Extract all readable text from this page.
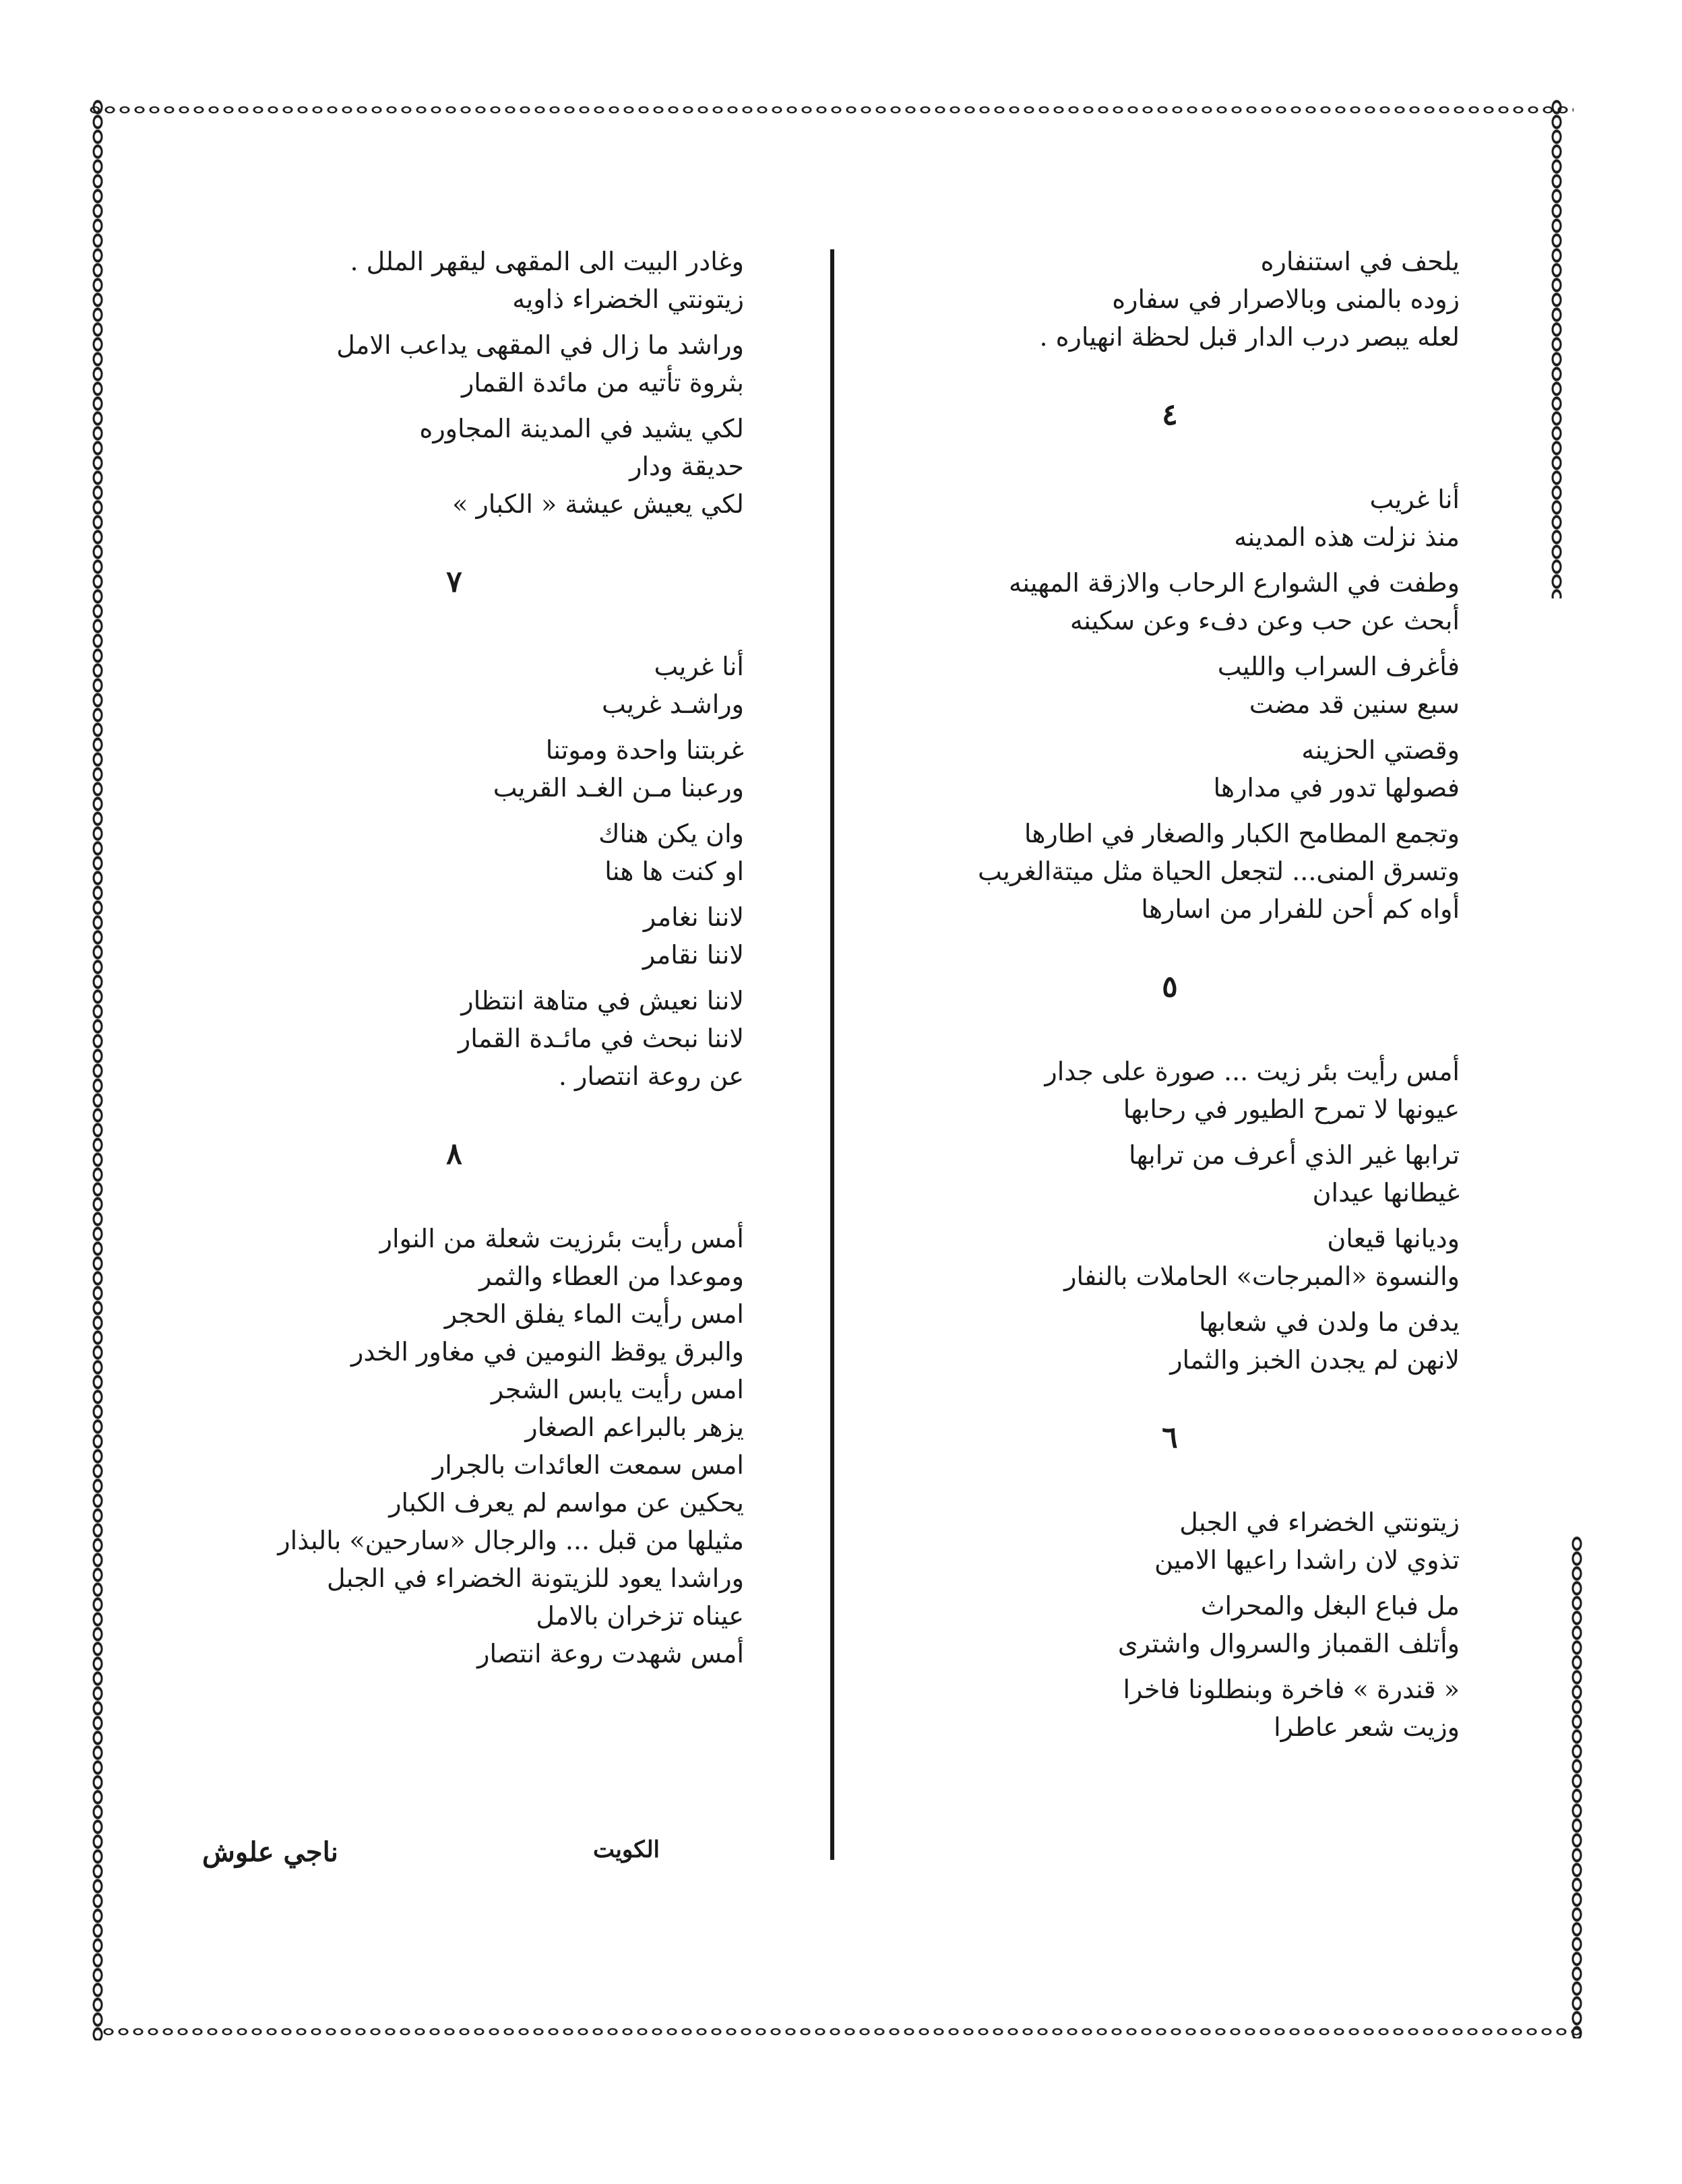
يلحف في استنفاره
زوده بالمنى وبالاصرار في سفاره
لعله يبصر درب الدار قبل لحظة انهياره .
٤
أنا غريب
منذ نزلت هذه المدينه
وطفت في الشوارع الرحاب والازقة المهينه
أبحث عن حب وعن دفء وعن سكينه
فأغرف السراب والليب
سبع سنين قد مضت
وقصتي الحزينه
فصولها تدور في مدارها
وتجمع المطامح الكبار والصغار في اطارها
وتسرق المنى... لتجعل الحياة مثل ميتةالغريب
أواه كم أحن للفرار من اسارها
٥
أمس رأيت بئر زيت ... صورة على جدار
عيونها لا تمرح الطيور في رحابها
ترابها غير الذي أعرف من ترابها
غيطانها عيدان
وديانها قيعان
والنسوة «المبرجات» الحاملات بالنفار
يدفن ما ولدن في شعابها
لانهن لم يجدن الخبز والثمار
٦
زيتونتي الخضراء في الجبل
تذوي لان راشدا راعيها الامين
مل فباع البغل والمحراث
وأتلف القمباز والسروال واشترى
« قندرة » فاخرة وبنطلونا فاخرا
وزيت شعر عاطرا
وغادر البيت الى المقهى ليقهر الملل .
زيتونتي الخضراء ذاويه
وراشد ما زال في المقهى يداعب الامل
بثروة تأتيه من مائدة القمار
لكي يشيد في المدينة المجاوره
حديقة ودار
لكي يعيش عيشة « الكبار »
٧
أنا غريب
وراشـد غريب
غربتنا واحدة وموتنا
ورعبنا مـن الغـد القريب
وان يكن هناك
او كنت ها هنا
لاننا نغامر
لاننا نقامر
لاننا نعيش في متاهة انتظار
لاننا نبحث في مائـدة القمار
عن روعة انتصار .
٨
أمس رأيت بئرزيت شعلة من النوار
وموعدا من العطاء والثمر
امس رأيت الماء يفلق الحجر
والبرق يوقظ النومين في مغاور الخدر
امس رأيت يابس الشجر
يزهر بالبراعم الصغار
امس سمعت العائدات بالجرار
يحكين عن مواسم لم يعرف الكبار
مثيلها من قبل ... والرجال «سارحين» بالبذار
وراشدا يعود للزيتونة الخضراء في الجبل
عيناه تزخران بالامل
أمس شهدت روعة انتصار
ناجي علوش	الكويت
